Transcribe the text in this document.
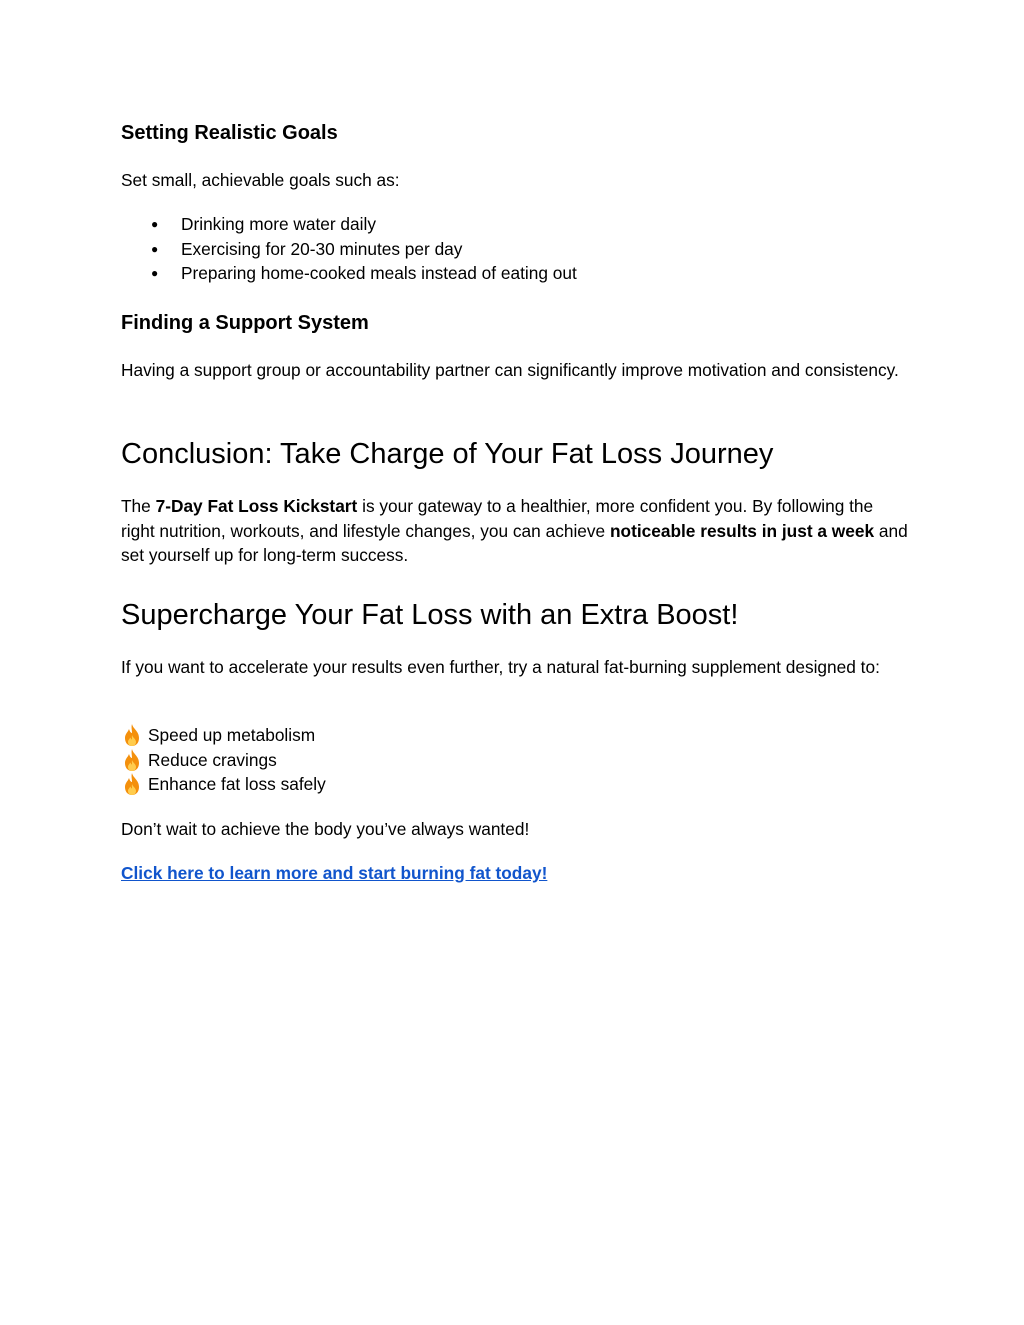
Setting Realistic Goals

Set small, achievable goals such as:

● Drinking more water daily
● Exercising for 20-30 minutes per day
● Preparing home-cooked meals instead of eating out
Finding a Support System

Having a support group or accountability partner can significantly improve motivation and consistency.

Conclusion: Take Charge of Your Fat Loss Journey

The 7-Day Fat Loss Kickstart is your gateway to a healthier, more confident you. By following the right nutrition, workouts, and lifestyle changes, you can achieve noticeable results in just a week and set yourself up for long-term success.

Supercharge Your Fat Loss with an Extra Boost!

If you want to accelerate your results even further, try a natural fat-burning supplement designed to:

Speed up metabolism
Reduce cravings
Enhance fat loss safely

Don’t wait to achieve the body you’ve always wanted!

Click here to learn more and start burning fat today!
